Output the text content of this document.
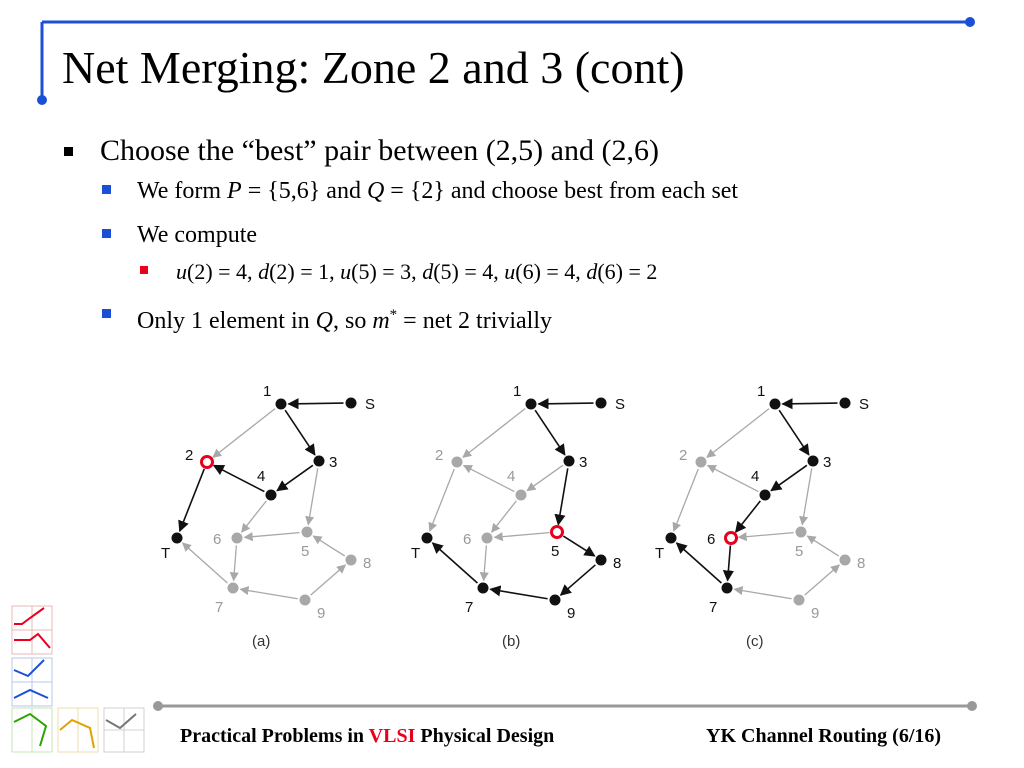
Net Merging: Zone 2 and 3 (cont)
Choose the “best” pair between (2,5) and (2,6)
We form P = {5,6} and Q = {2} and choose best from each set
We compute
u(2) = 4, d(2) = 1, u(5) = 3, d(5) = 4, u(6) = 4, d(6) = 2
Only 1 element in Q, so m* = net 2 trivially
1
S
2	3
4
T
6
5
8
7	9
1
S
2	3
4
T
6
5
8
7	9
1
S
2	3
4
T
6
5
8
7	9
(a)	(b)	(c)
Practical Problems in VLSI Physical Design	YK Channel Routing (6/16)
